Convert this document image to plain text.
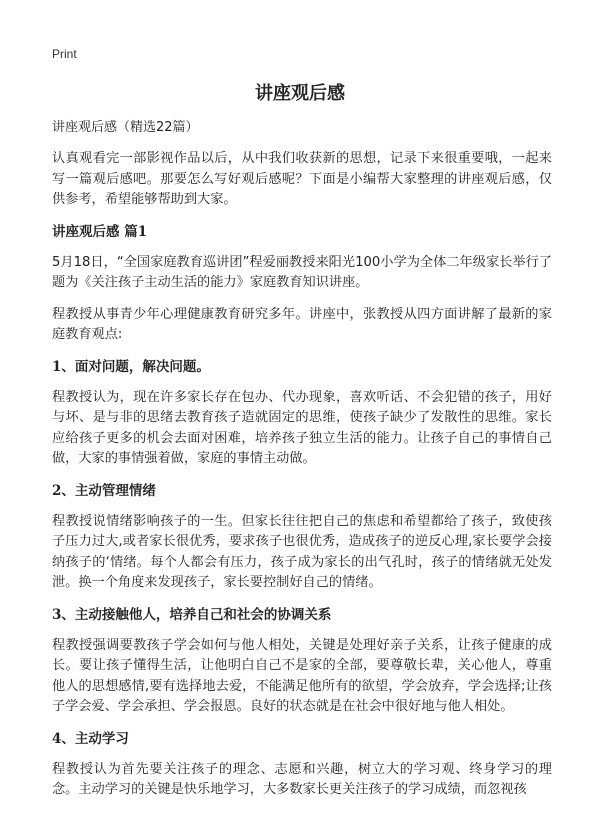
Print
讲座观后感

讲座观后感（精选22篇）

认真观看完一部影视作品以后，从中我们收获新的思想，记录下来很重要哦，一起来写一篇观后感吧。那要怎么写好观后感呢？下面是小编帮大家整理的讲座观后感，仅供参考，希望能够帮助到大家。

讲座观后感 篇1

5月18日，“全国家庭教育巡讲团”程爱丽教授来阳光100小学为全体二年级家长举行了题为《关注孩子主动生活的能力》家庭教育知识讲座。

程教授从事青少年心理健康教育研究多年。讲座中，张教授从四方面讲解了最新的家庭教育观点:

1、面对问题，解决问题。

程教授认为，现在许多家长存在包办、代办现象，喜欢听话、不会犯错的孩子，用好与坏、是与非的思绪去教育孩子造就固定的思维，使孩子缺少了发散性的思维。家长应给孩子更多的机会去面对困难，培养孩子独立生活的能力。让孩子自己的事情自己做，大家的事情强着做，家庭的事情主动做。

2、主动管理情绪

程教授说情绪影响孩子的一生。但家长往往把自己的焦虑和希望都给了孩子，致使孩子压力过大,或者家长很优秀，要求孩子也很优秀，造成孩子的逆反心理,家长要学会接纳孩子的‘情绪。每个人都会有压力，孩子成为家长的出气孔时，孩子的情绪就无处发泄。换一个角度来发现孩子，家长要控制好自己的情绪。

3、主动接触他人，培养自己和社会的协调关系

程教授强调要教孩子学会如何与他人相处，关键是处理好亲子关系，让孩子健康的成长。要让孩子懂得生活，让他明白自己不是家的全部，要尊敬长辈，关心他人，尊重他人的思想感情,要有选择地去爱，不能满足他所有的欲望，学会放弃，学会选择;让孩子学会爱、学会承担、学会报恩。良好的状态就是在社会中很好地与他人相处。

4、主动学习

程教授认为首先要关注孩子的理念、志愿和兴趣，树立大的学习观、终身学习的理念。主动学习的关键是快乐地学习，大多数家长更关注孩子的学习成绩，而忽视孩
